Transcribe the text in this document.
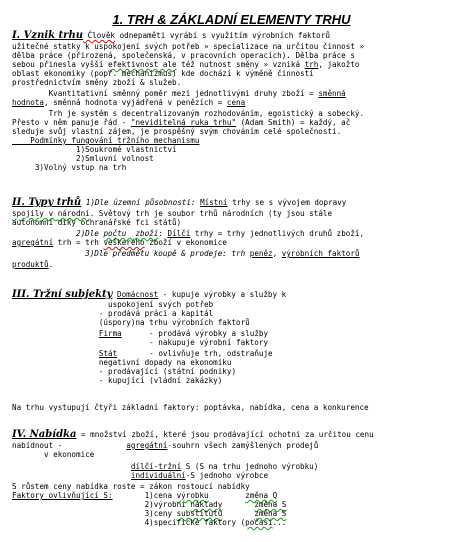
1. TRH & ZÁKLADNÍ ELEMENTY TRHU
I. Vznik trhu Člověk odnepaměti vyrábí s využitím výrobních faktorů
užitečné statky k uspokojení svých potřeb » specializace na určitou činnost »
dělba práce (přirozená, společenská, v pracovních operacích). Dělba práce s
sebou přinesla vyšší efektivnost ale též nutnost směny » vzniká trh, jakožto
oblast ekonomiky (popř. mechanizmus) kde dochází k výměně činností
prostřednictvím směny zboží & služeb.
Kvantitativní směnný poměr mezi jednotlivými druhy zboží = směnná
hodnota, směnná hodnota vyjádřená v penězích = cena
Trh je systém s decentralizovaným rozhodováním, egoistický a sobecký.
Přesto v něm panuje řád - "neviditelná ruka trhu" (Adam Smith) = každý, ač
sleduje svůj vlastní zájem, je prospěšný svým chováním celé společnosti.
Podmínky fungování tržního mechanismu
1)Soukromé vlastnictví
2)Smluvní volnost
3)Volný vstup na trh
II. Typy trhů 1)Dle územní působnosti: Místní trhy se s vývojem dopravy
spojily v národní. Světový trh je soubor trhů národních (ty jsou stále
autonomní díky ochranářské fci států)
2)Dle počtu  zboží: Dílčí trhy = trhy jednotlivých druhů zboží,
agregátní trh = trh veškerého zboží v ekonomice
3)Dle předmětu koupě & prodeje: trh peněz, výrobních faktorů
produktů.
III. Tržní subjekty Domácnost - kupuje výrobky a služby k
uspokojení svých potřeb
- prodává práci a kapitál
(úspory)na trhu výrobních faktorů
Firma      - prodává výrobky a služby
- nakupuje výrobní faktory
Stát       - ovlivňuje trh, odstraňuje
negativní dopady na ekonomiku
- prodávající (státní podniky)
- kupující (vládní zakázky)
Na trhu vystupují čtyři základní faktory: poptávka, nabídka, cena a konkurence
IV. Nabídka = množství zboží, které jsou prodávající ochotni za určitou cenu
nabídnout -              agregátní-souhrn všech zamýšlených prodejů
v ekonomice
dílčí-tržní S (S na trhu jednoho výrobku)
individuální-S jednoho výrobce
S růstem ceny nabídka roste = zákon rostoucí nabídky
Faktory ovlivňující S:       1)cena výrobku	změna Q
2)výrobní náklady	změna S
3)ceny substitutů	změna S
4)specifické faktory (počasí...
